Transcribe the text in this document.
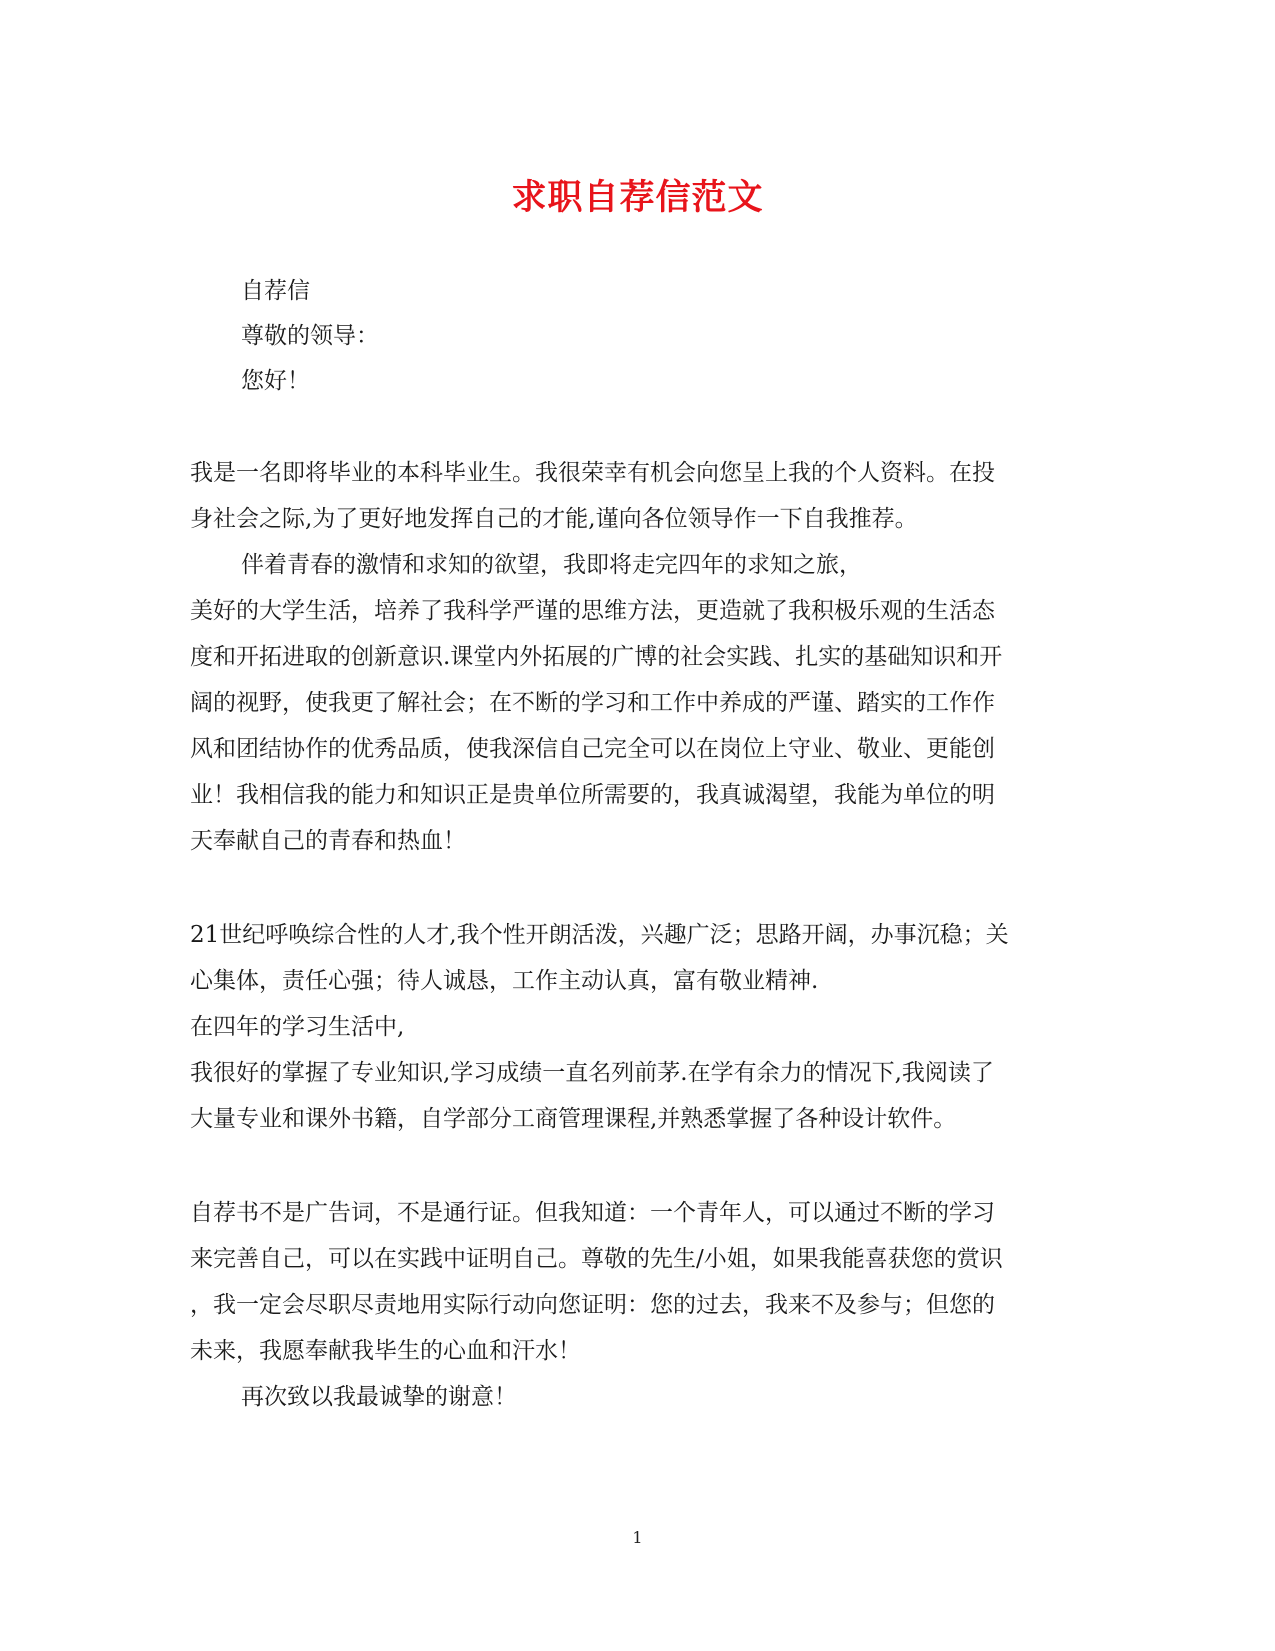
求职自荐信范文
自荐信
尊敬的领导：
您好！
我是一名即将毕业的本科毕业生。我很荣幸有机会向您呈上我的个人资料。在投
身社会之际,为了更好地发挥自己的才能,谨向各位领导作一下自我推荐。
伴着青春的激情和求知的欲望，我即将走完四年的求知之旅，
美好的大学生活，培养了我科学严谨的思维方法，更造就了我积极乐观的生活态
度和开拓进取的创新意识.课堂内外拓展的广博的社会实践、扎实的基础知识和开
阔的视野，使我更了解社会；在不断的学习和工作中养成的严谨、踏实的工作作
风和团结协作的优秀品质，使我深信自己完全可以在岗位上守业、敬业、更能创
业！我相信我的能力和知识正是贵单位所需要的，我真诚渴望，我能为单位的明
天奉献自己的青春和热血！
21世纪呼唤综合性的人才,我个性开朗活泼，兴趣广泛；思路开阔，办事沉稳；关
心集体，责任心强；待人诚恳，工作主动认真，富有敬业精神.
在四年的学习生活中,
我很好的掌握了专业知识,学习成绩一直名列前茅.在学有余力的情况下,我阅读了
大量专业和课外书籍，自学部分工商管理课程,并熟悉掌握了各种设计软件。
自荐书不是广告词，不是通行证。但我知道：一个青年人，可以通过不断的学习
来完善自己，可以在实践中证明自己。尊敬的先生/小姐，如果我能喜获您的赏识
，我一定会尽职尽责地用实际行动向您证明：您的过去，我来不及参与；但您的
未来，我愿奉献我毕生的心血和汗水！
再次致以我最诚挚的谢意！
1
